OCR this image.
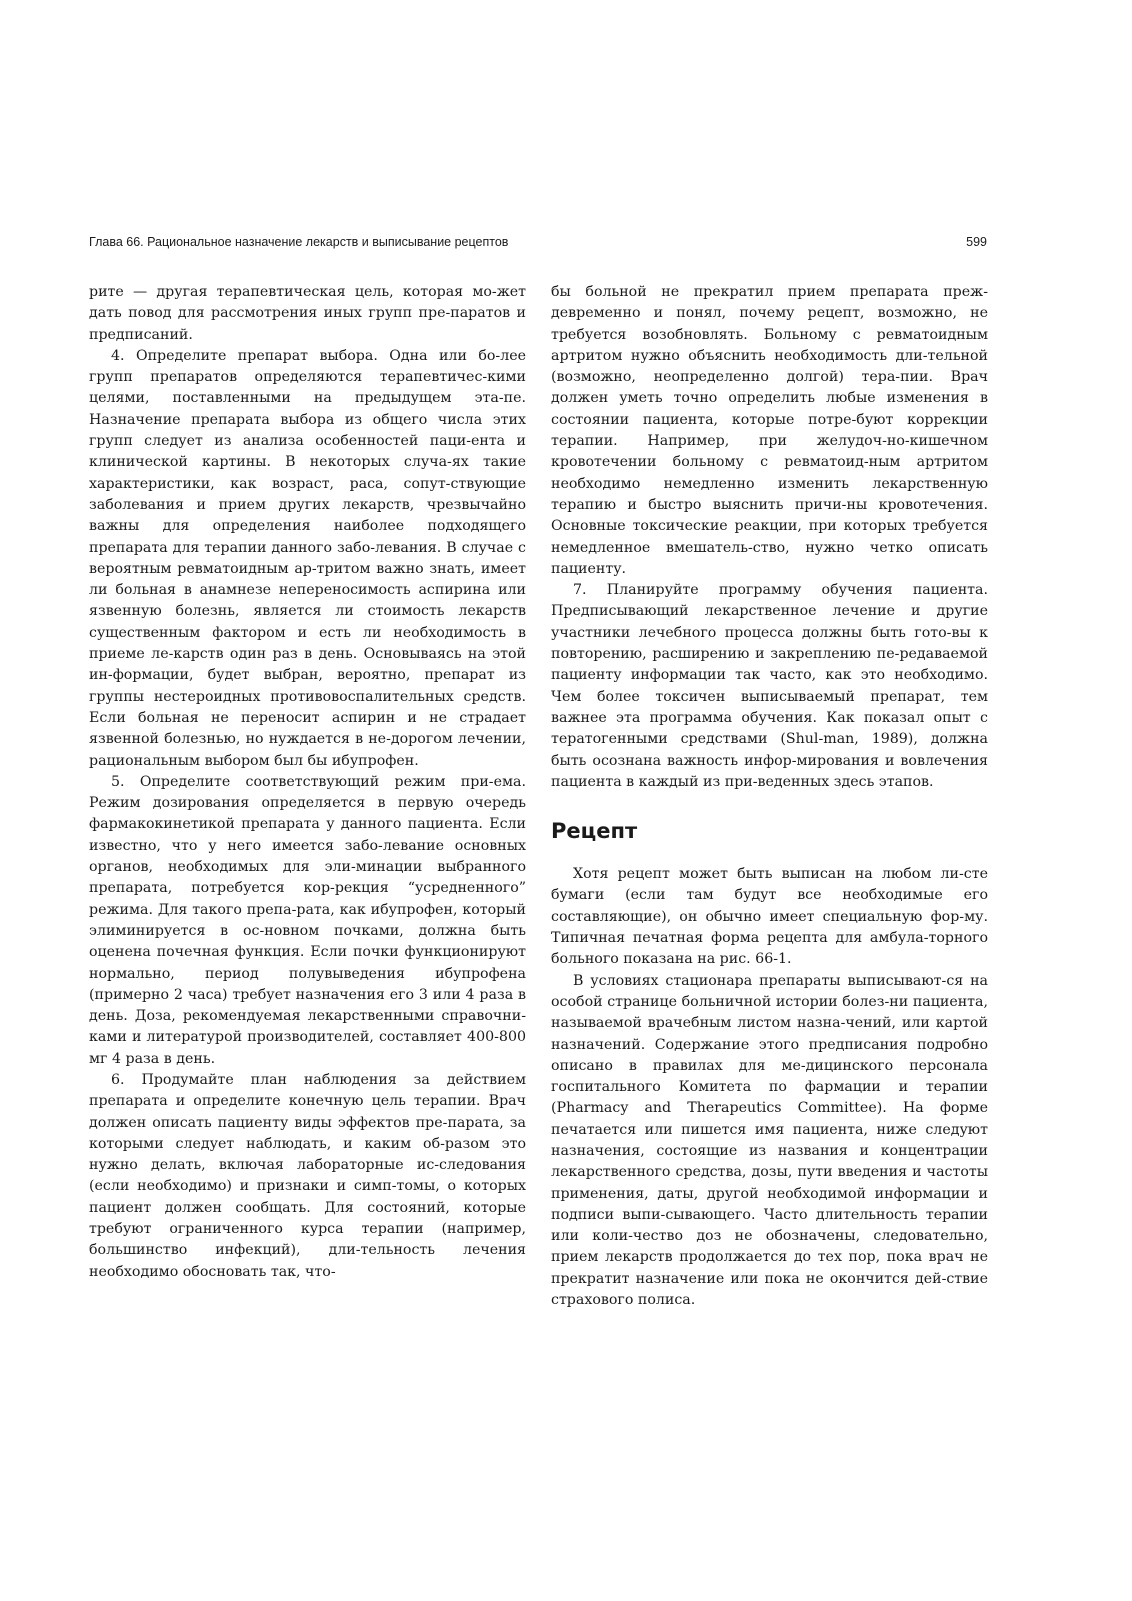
Глава 66. Рациональное назначение лекарств и выписывание рецептов	599

рите — другая терапевтическая цель, которая мо-жет дать повод для рассмотрения иных групп пре-паратов и предписаний.

4. Определите препарат выбора. Одна или бо-лее групп препаратов определяются терапевтичес-кими целями, поставленными на предыдущем эта-пе. Назначение препарата выбора из общего числа этих групп следует из анализа особенностей паци-ента и клинической картины. В некоторых случа-ях такие характеристики, как возраст, раса, сопут-ствующие заболевания и прием других лекарств, чрезвычайно важны для определения наиболее подходящего препарата для терапии данного забо-левания. В случае с вероятным ревматоидным ар-тритом важно знать, имеет ли больная в анамнезе непереносимость аспирина или язвенную болезнь, является ли стоимость лекарств существенным фактором и есть ли необходимость в приеме ле-карств один раз в день. Основываясь на этой ин-формации, будет выбран, вероятно, препарат из группы нестероидных противовоспалительных средств. Если больная не переносит аспирин и не страдает язвенной болезнью, но нуждается в не-дорогом лечении, рациональным выбором был бы ибупрофен.

5. Определите соответствующий режим при-ема. Режим дозирования определяется в первую очередь фармакокинетикой препарата у данного пациента. Если известно, что у него имеется забо-левание основных органов, необходимых для эли-минации выбранного препарата, потребуется кор-рекция “усредненного” режима. Для такого препа-рата, как ибупрофен, который элиминируется в ос-новном почками, должна быть оценена почечная функция. Если почки функционируют нормально, период полувыведения ибупрофена (примерно 2 часа) требует назначения его 3 или 4 раза в день. Доза, рекомендуемая лекарственными справочни-ками и литературой производителей, составляет 400-800 мг 4 раза в день.

6. Продумайте план наблюдения за действием препарата и определите конечную цель терапии. Врач должен описать пациенту виды эффектов пре-парата, за которыми следует наблюдать, и каким об-разом это нужно делать, включая лабораторные ис-следования (если необходимо) и признаки и симп-томы, о которых пациент должен сообщать. Для состояний, которые требуют ограниченного курса терапии (например, большинство инфекций), дли-тельность лечения необходимо обосновать так, что-

бы больной не прекратил прием препарата преж-девременно и понял, почему рецепт, возможно, не требуется возобновлять. Больному с ревматоидным артритом нужно объяснить необходимость дли-тельной (возможно, неопределенно долгой) тера-пии. Врач должен уметь точно определить любые изменения в состоянии пациента, которые потре-буют коррекции терапии. Например, при желудоч-но-кишечном кровотечении больному с ревматоид-ным артритом необходимо немедленно изменить лекарственную терапию и быстро выяснить причи-ны кровотечения. Основные токсические реакции, при которых требуется немедленное вмешатель-ство, нужно четко описать пациенту.

7. Планируйте программу обучения пациента. Предписывающий лекарственное лечение и другие участники лечебного процесса должны быть гото-вы к повторению, расширению и закреплению пе-редаваемой пациенту информации так часто, как это необходимо. Чем более токсичен выписываемый препарат, тем важнее эта программа обучения. Как показал опыт с тератогенными средствами (Shul-man, 1989), должна быть осознана важность инфор-мирования и вовлечения пациента в каждый из при-веденных здесь этапов.

Рецепт

Хотя рецепт может быть выписан на любом ли-сте бумаги (если там будут все необходимые его составляющие), он обычно имеет специальную фор-му. Типичная печатная форма рецепта для амбула-торного больного показана на рис. 66-1.

В условиях стационара препараты выписывают-ся на особой странице больничной истории болез-ни пациента, называемой врачебным листом назна-чений, или картой назначений. Содержание этого предписания подробно описано в правилах для ме-дицинского персонала госпитального Комитета по фармации и терапии (Pharmacy and Therapeutics Committee). На форме печатается или пишется имя пациента, ниже следуют назначения, состоящие из названия и концентрации лекарственного средства, дозы, пути введения и частоты применения, даты, другой необходимой информации и подписи выпи-сывающего. Часто длительность терапии или коли-чество доз не обозначены, следовательно, прием лекарств продолжается до тех пор, пока врач не прекратит назначение или пока не окончится дей-ствие страхового полиса.
